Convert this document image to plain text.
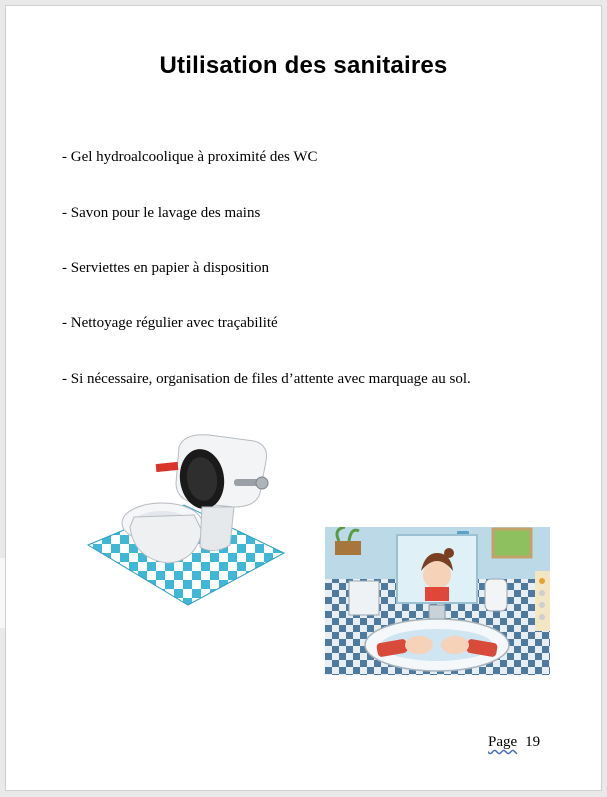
Utilisation des sanitaires
- Gel hydroalcoolique à proximité des WC
- Savon pour le lavage des mains
- Serviettes en papier à disposition
- Nettoyage régulier avec traçabilité
- Si nécessaire, organisation de files d’attente avec marquage au sol.
Page 19
